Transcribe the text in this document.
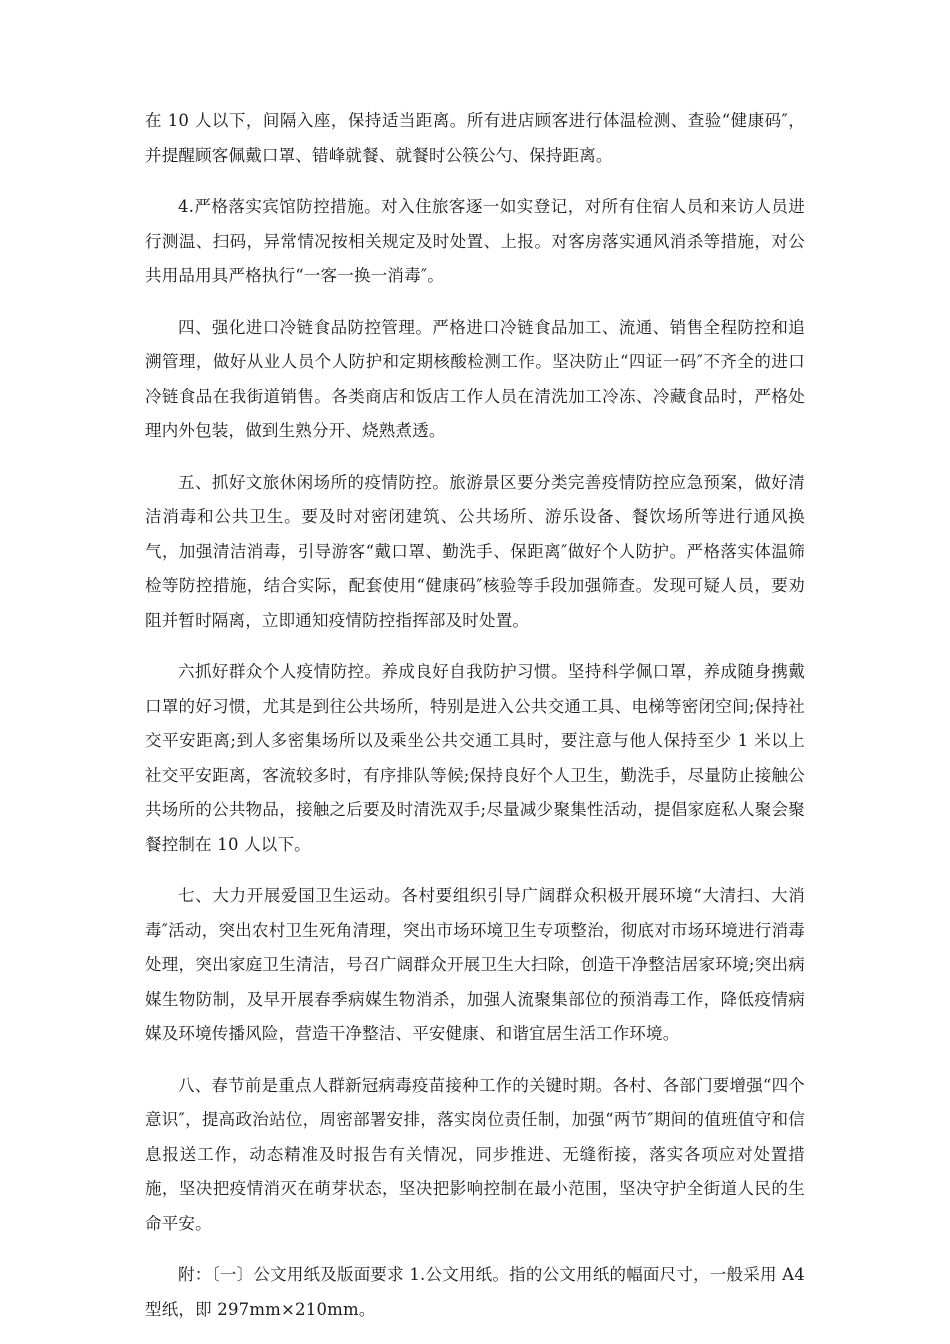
在 10 人以下，间隔入座，保持适当距离。所有进店顾客进行体温检测、查验“健康码″，并提醒顾客佩戴口罩、错峰就餐、就餐时公筷公勺、保持距离。

4.严格落实宾馆防控措施。对入住旅客逐一如实登记，对所有住宿人员和来访人员进行测温、扫码，异常情况按相关规定及时处置、上报。对客房落实通风消杀等措施，对公共用品用具严格执行“一客一换一消毒″。

四、强化进口冷链食品防控管理。严格进口冷链食品加工、流通、销售全程防控和追溯管理，做好从业人员个人防护和定期核酸检测工作。坚决防止“四证一码″不齐全的进口冷链食品在我街道销售。各类商店和饭店工作人员在清洗加工冷冻、冷藏食品时，严格处理内外包装，做到生熟分开、烧熟煮透。

五、抓好文旅休闲场所的疫情防控。旅游景区要分类完善疫情防控应急预案，做好清洁消毒和公共卫生。要及时对密闭建筑、公共场所、游乐设备、餐饮场所等进行通风换气，加强清洁消毒，引导游客“戴口罩、勤洗手、保距离″做好个人防护。严格落实体温筛检等防控措施，结合实际，配套使用“健康码″核验等手段加强筛查。发现可疑人员，要劝阻并暂时隔离，立即通知疫情防控指挥部及时处置。

六抓好群众个人疫情防控。养成良好自我防护习惯。坚持科学佩口罩，养成随身携戴口罩的好习惯，尤其是到往公共场所，特别是进入公共交通工具、电梯等密闭空间;保持社交平安距离;到人多密集场所以及乘坐公共交通工具时，要注意与他人保持至少 1 米以上社交平安距离，客流较多时，有序排队等候;保持良好个人卫生，勤洗手，尽量防止接触公共场所的公共物品，接触之后要及时清洗双手;尽量减少聚集性活动，提倡家庭私人聚会聚餐控制在 10 人以下。

七、大力开展爱国卫生运动。各村要组织引导广阔群众积极开展环境“大清扫、大消毒″活动，突出农村卫生死角清理，突出市场环境卫生专项整治，彻底对市场环境进行消毒处理，突出家庭卫生清洁，号召广阔群众开展卫生大扫除，创造干净整洁居家环境;突出病媒生物防制，及早开展春季病媒生物消杀，加强人流聚集部位的预消毒工作，降低疫情病媒及环境传播风险，营造干净整洁、平安健康、和谐宜居生活工作环境。

八、春节前是重点人群新冠病毒疫苗接种工作的关键时期。各村、各部门要增强“四个意识″，提高政治站位，周密部署安排，落实岗位责任制，加强“两节″期间的值班值守和信息报送工作，动态精准及时报告有关情况，同步推进、无缝衔接，落实各项应对处置措施，坚决把疫情消灭在萌芽状态，坚决把影响控制在最小范围，坚决守护全街道人民的生命平安。

附：〔一〕公文用纸及版面要求 1.公文用纸。指的公文用纸的幅面尺寸，一般采用 A4 型纸，即 297mm×210mm。
